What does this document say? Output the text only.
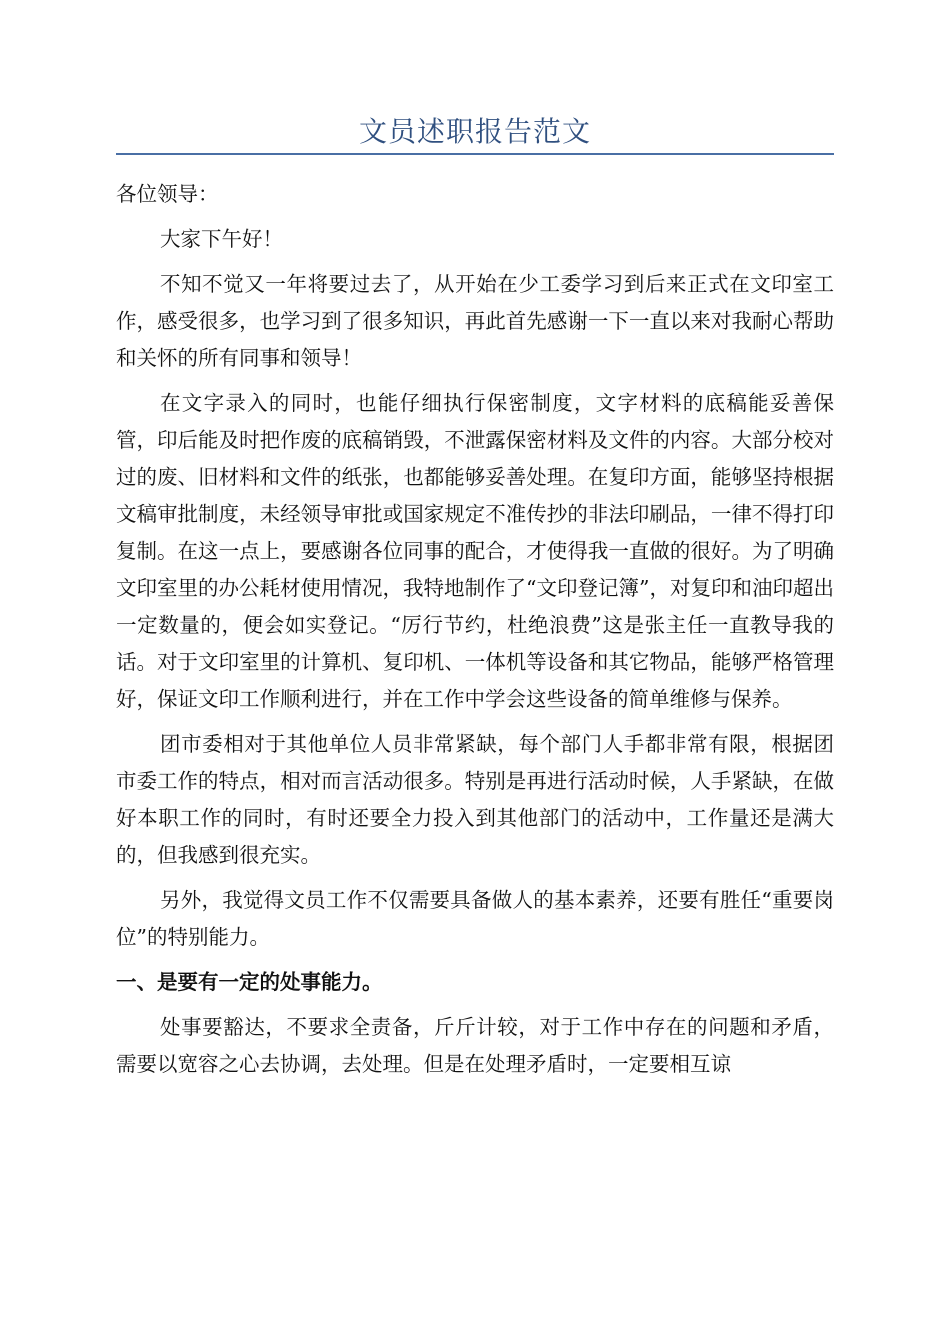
文员述职报告范文

各位领导：

大家下午好！

不知不觉又一年将要过去了，从开始在少工委学习到后来正式在文印室工作，感受很多，也学习到了很多知识，再此首先感谢一下一直以来对我耐心帮助和关怀的所有同事和领导！

在文字录入的同时，也能仔细执行保密制度，文字材料的底稿能妥善保管，印后能及时把作废的底稿销毁，不泄露保密材料及文件的内容。大部分校对过的废、旧材料和文件的纸张，也都能够妥善处理。在复印方面，能够坚持根据文稿审批制度，未经领导审批或国家规定不准传抄的非法印刷品，一律不得打印复制。在这一点上，要感谢各位同事的配合，才使得我一直做的很好。为了明确文印室里的办公耗材使用情况，我特地制作了“文印登记簿”，对复印和油印超出一定数量的，便会如实登记。“厉行节约，杜绝浪费”这是张主任一直教导我的话。对于文印室里的计算机、复印机、一体机等设备和其它物品，能够严格管理好，保证文印工作顺利进行，并在工作中学会这些设备的简单维修与保养。

团市委相对于其他单位人员非常紧缺，每个部门人手都非常有限，根据团市委工作的特点，相对而言活动很多。特别是再进行活动时候，人手紧缺，在做好本职工作的同时，有时还要全力投入到其他部门的活动中，工作量还是满大的，但我感到很充实。

另外，我觉得文员工作不仅需要具备做人的基本素养，还要有胜任“重要岗位”的特别能力。

一、是要有一定的处事能力。

处事要豁达，不要求全责备，斤斤计较，对于工作中存在的问题和矛盾，需要以宽容之心去协调，去处理。但是在处理矛盾时，一定要相互谅
